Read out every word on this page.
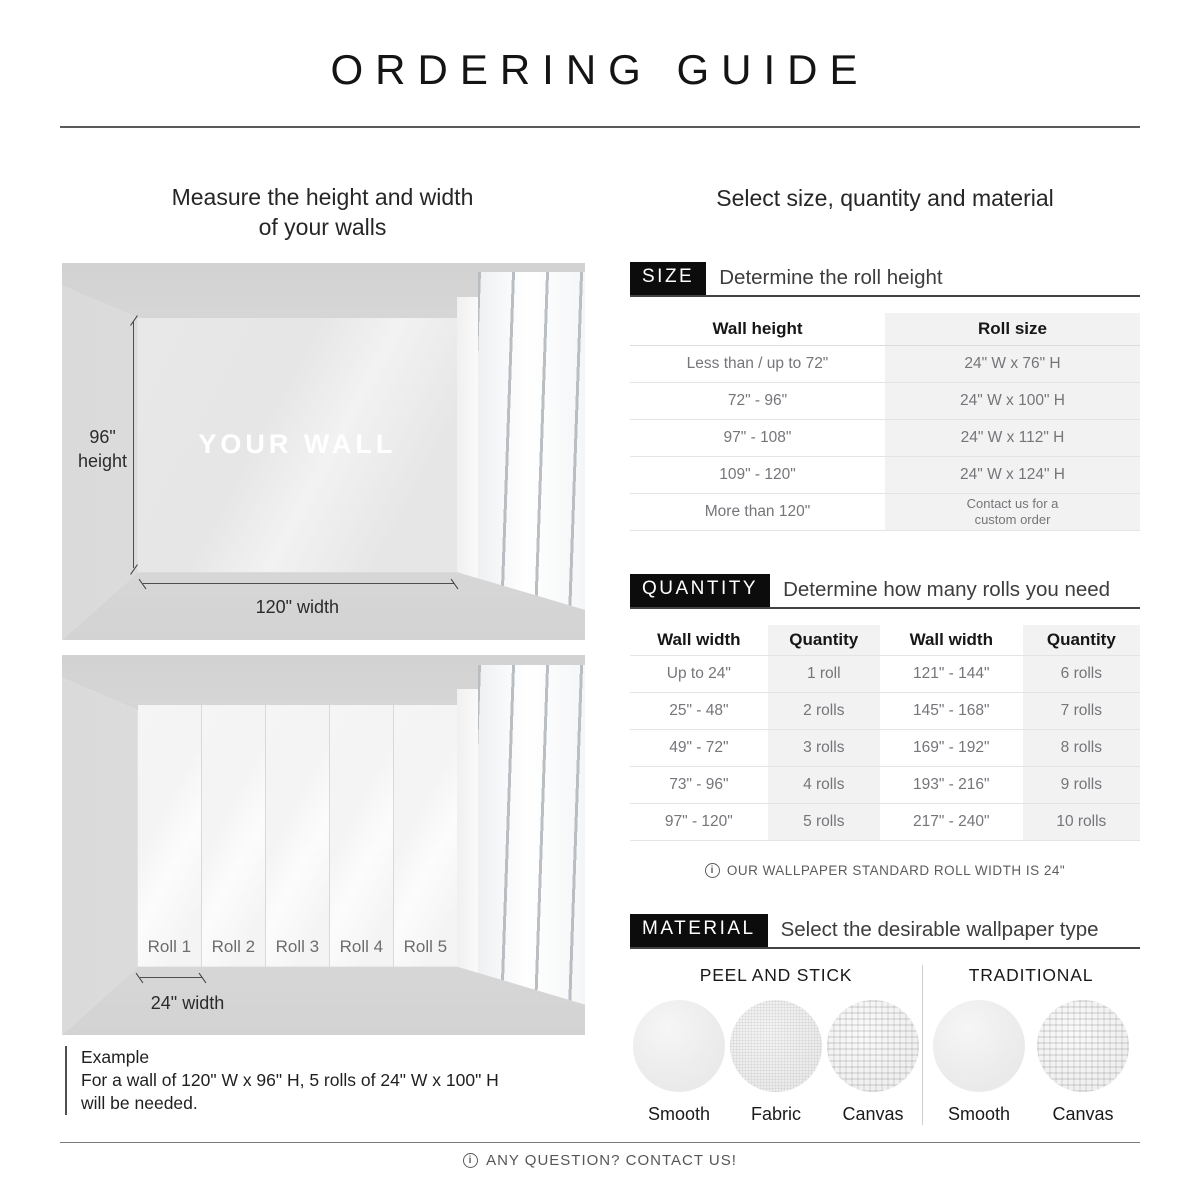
ORDERING GUIDE
Measure the height and width
of your walls
96"
height
YOUR WALL
120" width
Roll 1	Roll 2	Roll 3	Roll 4	Roll 5
24" width
Example
For a wall of 120" W x 96" H, 5 rolls of 24" W x 100" H
will be needed.
Select size, quantity and material
SIZE	Determine the roll height
Wall height	Roll size
Less than / up to 72"	24" W x 76" H
72" - 96"	24" W x 100" H
97" - 108"	24" W x 112" H
109" - 120"	24" W x 124" H
More than 120"	Contact us for a
custom order
QUANTITY	Determine how many rolls you need
Wall width	Quantity	Wall width	Quantity
Up to 24"	1 roll	121" - 144"	6 rolls
25" - 48"	2 rolls	145" - 168"	7 rolls
49" - 72"	3 rolls	169" - 192"	8 rolls
73" - 96"	4 rolls	193" - 216"	9 rolls
97" - 120"	5 rolls	217" - 240"	10 rolls
i OUR WALLPAPER STANDARD ROLL WIDTH IS 24"
MATERIAL	Select the desirable wallpaper type
PEEL AND STICK
Smooth Fabric Canvas
TRADITIONAL
Smooth Canvas
i ANY QUESTION? CONTACT US!
